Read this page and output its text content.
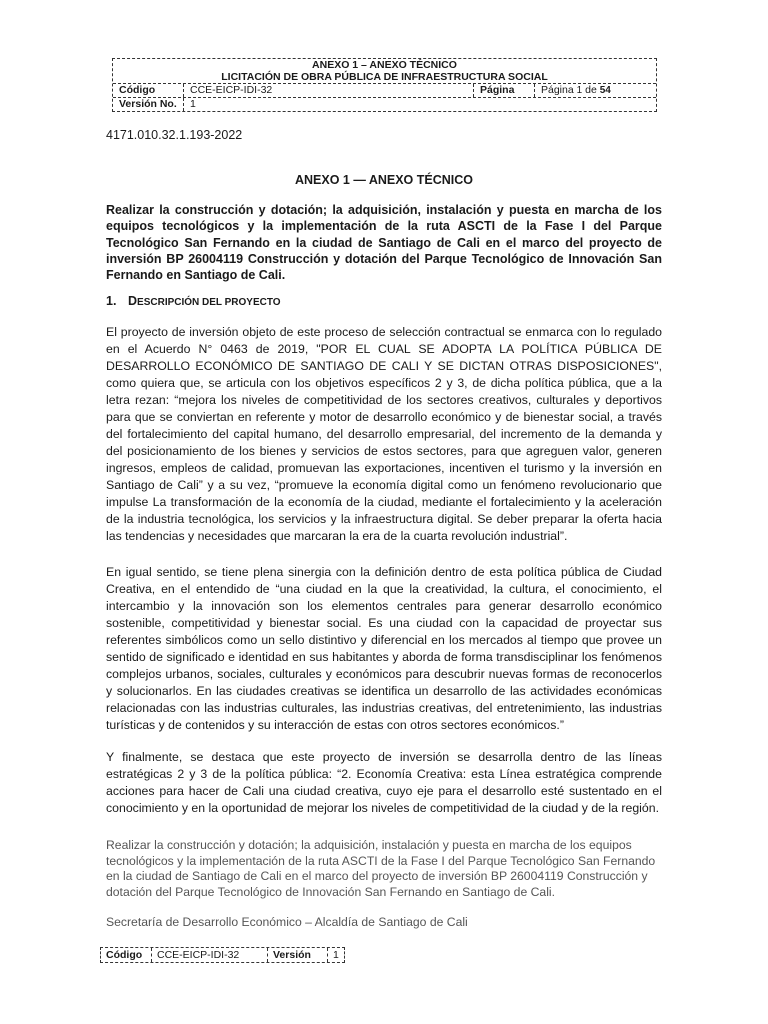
ANEXO 1 – ANEXO TÉCNICO
LICITACIÓN DE OBRA PÚBLICA DE INFRAESTRUCTURA SOCIAL
Código	CCE-EICP-IDI-32	Página	Página 1 de 54
Versión No.	1
4171.010.32.1.193-2022
ANEXO 1 — ANEXO TÉCNICO
Realizar la construcción y dotación; la adquisición, instalación y puesta en marcha de los equipos tecnológicos y la implementación de la ruta ASCTI de la Fase I del Parque Tecnológico San Fernando en la ciudad de Santiago de Cali en el marco del proyecto de inversión BP 26004119 Construcción y dotación del Parque Tecnológico de Innovación San Fernando en Santiago de Cali.
1. DESCRIPCIÓN DEL PROYECTO
El proyecto de inversión objeto de este proceso de selección contractual se enmarca con lo regulado en el Acuerdo N° 0463 de 2019, "POR EL CUAL SE ADOPTA LA POLÍTICA PÚBLICA DE DESARROLLO ECONÓMICO DE SANTIAGO DE CALI Y SE DICTAN OTRAS DISPOSICIONES", como quiera que, se articula con los objetivos específicos 2 y 3, de dicha política pública, que a la letra rezan: “mejora los niveles de competitividad de los sectores creativos, culturales y deportivos para que se conviertan en referente y motor de desarrollo económico y de bienestar social, a través del fortalecimiento del capital humano, del desarrollo empresarial, del incremento de la demanda y del posicionamiento de los bienes y servicios de estos sectores, para que agreguen valor, generen ingresos, empleos de calidad, promuevan las exportaciones, incentiven el turismo y la inversión en Santiago de Cali” y a su vez, “promueve la economía digital como un fenómeno revolucionario que impulse La transformación de la economía de la ciudad, mediante el fortalecimiento y la aceleración de la industria tecnológica, los servicios y la infraestructura digital. Se deber preparar la oferta hacia las tendencias y necesidades que marcaran la era de la cuarta revolución industrial”.
En igual sentido, se tiene plena sinergia con la definición dentro de esta política pública de Ciudad Creativa, en el entendido de “una ciudad en la que la creatividad, la cultura, el conocimiento, el intercambio y la innovación son los elementos centrales para generar desarrollo económico sostenible, competitividad y bienestar social. Es una ciudad con la capacidad de proyectar sus referentes simbólicos como un sello distintivo y diferencial en los mercados al tiempo que provee un sentido de significado e identidad en sus habitantes y aborda de forma transdisciplinar los fenómenos complejos urbanos, sociales, culturales y económicos para descubrir nuevas formas de reconocerlos y solucionarlos. En las ciudades creativas se identifica un desarrollo de las actividades económicas relacionadas con las industrias culturales, las industrias creativas, del entretenimiento, las industrias turísticas y de contenidos y su interacción de estas con otros sectores económicos.”
Y finalmente, se destaca que este proyecto de inversión se desarrolla dentro de las líneas estratégicas 2 y 3 de la política pública: “2. Economía Creativa: esta Línea estratégica comprende acciones para hacer de Cali una ciudad creativa, cuyo eje para el desarrollo esté sustentado en el conocimiento y en la oportunidad de mejorar los niveles de competitividad de la ciudad y de la región.
Realizar la construcción y dotación; la adquisición, instalación y puesta en marcha de los equipos tecnológicos y la implementación de la ruta ASCTI de la Fase I del Parque Tecnológico San Fernando en la ciudad de Santiago de Cali en el marco del proyecto de inversión BP 26004119 Construcción y dotación del Parque Tecnológico de Innovación San Fernando en Santiago de Cali.
Secretaría de Desarrollo Económico – Alcaldía de Santiago de Cali
Código	CCE-EICP-IDI-32	Versión	1
